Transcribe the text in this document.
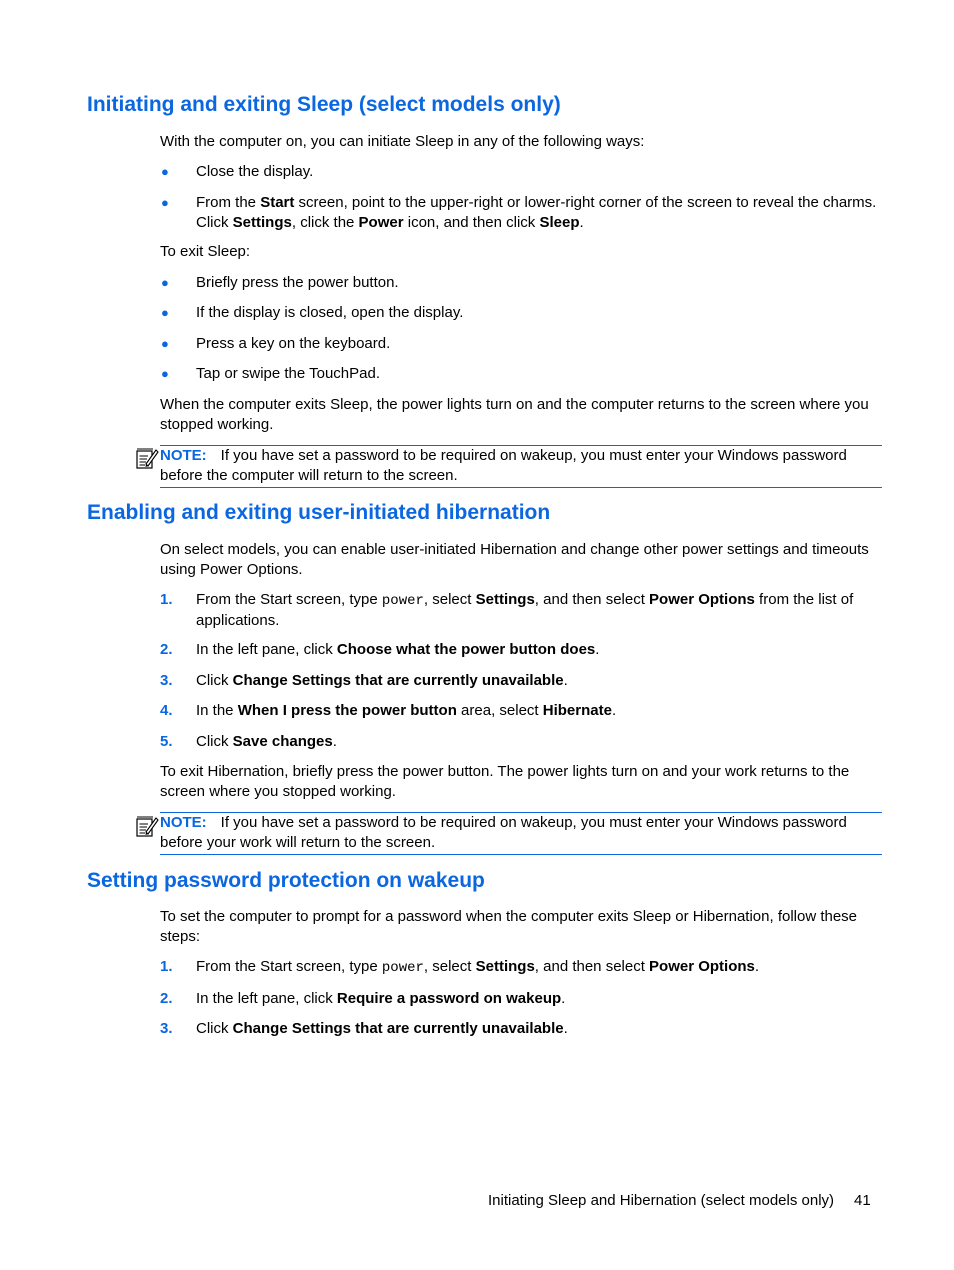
Initiating and exiting Sleep (select models only)

With the computer on, you can initiate Sleep in any of the following ways:

● Close the display.
● From the Start screen, point to the upper-right or lower-right corner of the screen to reveal the charms. Click Settings, click the Power icon, and then click Sleep.

To exit Sleep:

● Briefly press the power button.
● If the display is closed, open the display.
● Press a key on the keyboard.
● Tap or swipe the TouchPad.

When the computer exits Sleep, the power lights turn on and the computer returns to the screen where you stopped working.

NOTE: If you have set a password to be required on wakeup, you must enter your Windows password before the computer will return to the screen.
Enabling and exiting user-initiated hibernation

On select models, you can enable user-initiated Hibernation and change other power settings and timeouts using Power Options.

1. From the Start screen, type power, select Settings, and then select Power Options from the list of applications.
2. In the left pane, click Choose what the power button does.
3. Click Change Settings that are currently unavailable.
4. In the When I press the power button area, select Hibernate.
5. Click Save changes.

To exit Hibernation, briefly press the power button. The power lights turn on and your work returns to the screen where you stopped working.

NOTE: If you have set a password to be required on wakeup, you must enter your Windows password before your work will return to the screen.
Setting password protection on wakeup

To set the computer to prompt for a password when the computer exits Sleep or Hibernation, follow these steps:

1. From the Start screen, type power, select Settings, and then select Power Options.
2. In the left pane, click Require a password on wakeup.
3. Click Change Settings that are currently unavailable.
Initiating Sleep and Hibernation (select models only) 41
